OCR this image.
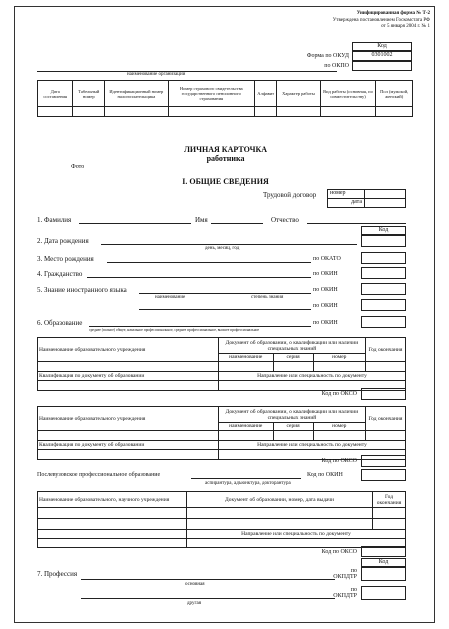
Унифицированная форма № Т-2
Утверждена постановлением Госкомстата РФ
от 5 января 2004 г. № 1
Код
Форма по ОКУД	0301002
по ОКПО
наименование организации
Дата составления	Табельный номер	Идентификационный номер налогоплательщика	Номер страхового свидетельства государственного пенсионного страхования	Алфавит	Характер работы	Вид работы (основная, по совместительству)	Пол (мужской, женский)

ЛИЧНАЯ КАРТОЧКА
работника
Фото
I. ОБЩИЕ СВЕДЕНИЯ
Трудовой договор	номер
дата
1. Фамилия	Имя	Отчество
Код
2. Дата рождения
день, месяц, год
3. Место рождения	по ОКАТО
4. Гражданство	по ОКИН
5. Знание иностранного языка	по ОКИН
наименование	степень знания
по ОКИН
6. Образование	по ОКИН
среднее (полное) общее, начальное профессиональное, среднее профессиональное, высшее профессиональное
Наименование образовательного учреждения	Документ об образовании, о квалификации или наличии специальных знаний			Год окончания
	наименование	серия	номер	

Квалификация по документу об образовании	Направление или специальность по документу			

Код по ОКСО
Наименование образовательного учреждения	Документ об образовании, о квалификации или наличии специальных знаний			Год окончания
	наименование	серия	номер	

Квалификация по документу об образовании	Направление или специальность по документу			

Код по ОКСО
Послевузовское профессиональное образование	Код по ОКИН
аспирантура, адъюнктура, докторантура
Наименование образовательного, научного учреждения	Документ об образовании, номер, дата выдачи	Год окончания

	Направление или специальность по документу	

Код по ОКСО
Код
7. Профессия	по
ОКПДТР
основная
по
ОКПДТР
другая
